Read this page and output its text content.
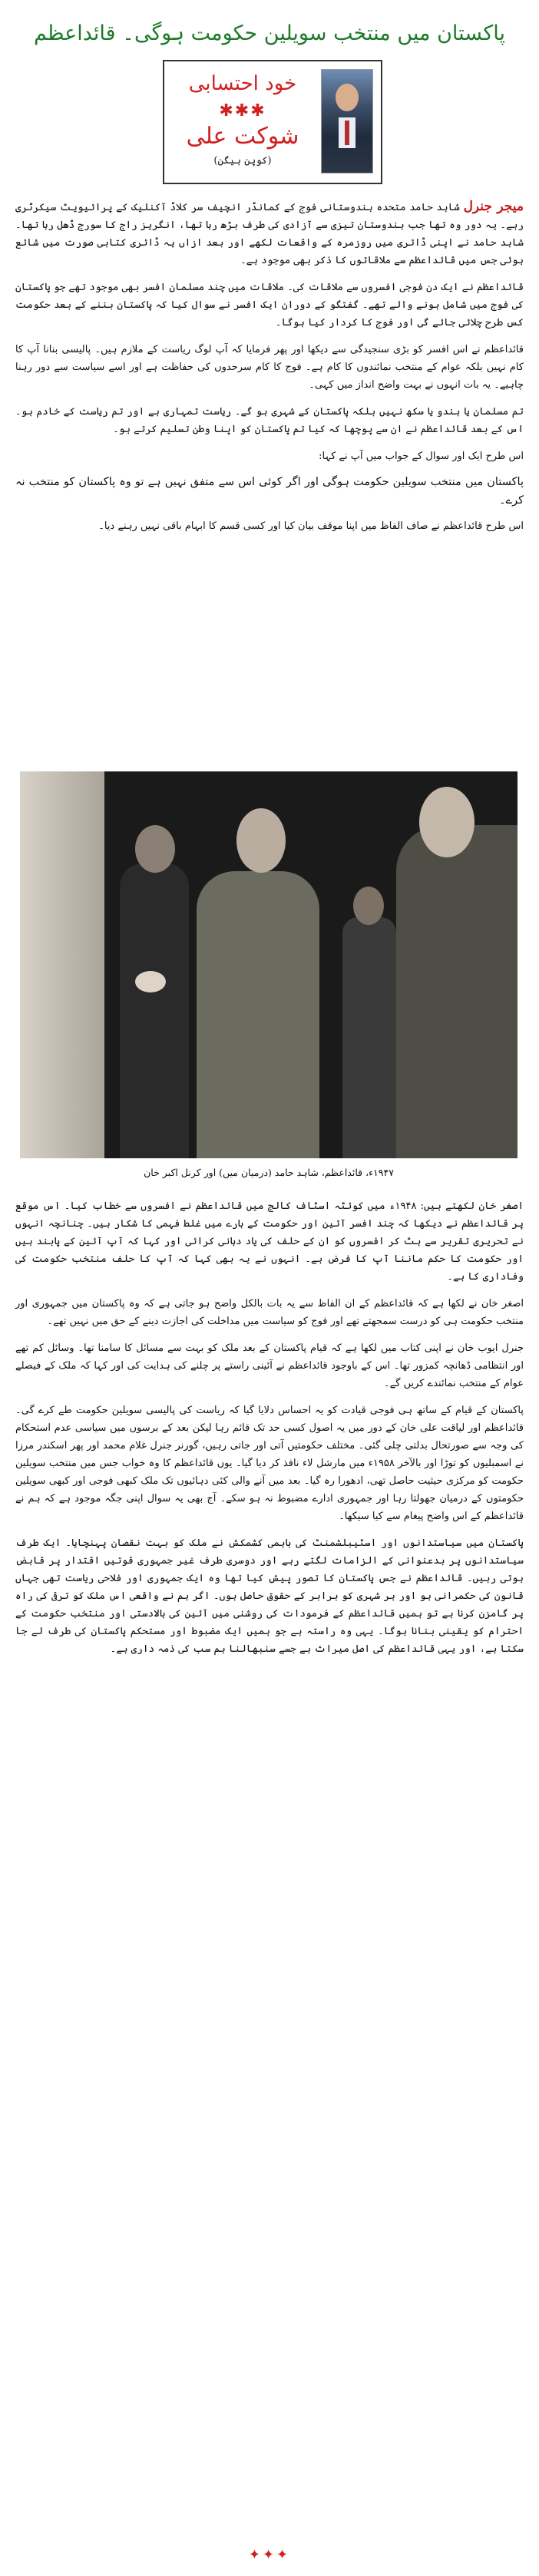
پاکستان میں منتخب سویلین حکومت ہوگی۔ قائداعظم
خود احتسابی
✱✱✱
شوکت علی
(کوپن ہیگن)

میجر جنرل شاہد حامد متحدہ ہندوستانی فوج کے کمانڈر انچیف سر کلاڈ آکنلیک کے پرائیویٹ سیکرٹری رہے۔ یہ دور وہ تھا جب ہندوستان تیزی سے آزادی کی طرف بڑھ رہا تھا، انگریز راج کا سورج ڈھل رہا تھا۔ شاہد حامد نے اپنی ڈائری میں روزمرہ کے واقعات لکھے اور بعد ازاں یہ ڈائری کتابی صورت میں شائع ہوئی جس میں قائداعظم سے ملاقاتوں کا ذکر بھی موجود ہے۔

قائداعظم نے ایک دن فوجی افسروں سے ملاقات کی۔ ملاقات میں چند مسلمان افسر بھی موجود تھے جو پاکستان کی فوج میں شامل ہونے والے تھے۔ گفتگو کے دوران ایک افسر نے سوال کیا کہ پاکستان بننے کے بعد حکومت کس طرح چلائی جائے گی اور فوج کا کردار کیا ہوگا۔

قائداعظم نے اس افسر کو بڑی سنجیدگی سے دیکھا اور پھر فرمایا کہ آپ لوگ ریاست کے ملازم ہیں۔ پالیسی بنانا آپ کا کام نہیں بلکہ عوام کے منتخب نمائندوں کا کام ہے۔ فوج کا کام سرحدوں کی حفاظت ہے اور اسے سیاست سے دور رہنا چاہیے۔ یہ بات انہوں نے بہت واضح انداز میں کہی۔

تم مسلمان یا ہندو یا سکھ نہیں بلکہ پاکستان کے شہری ہو گے۔ ریاست تمہاری ہے اور تم ریاست کے خادم ہو۔ اس کے بعد قائداعظم نے ان سے پوچھا کہ کیا تم پاکستان کو اپنا وطن تسلیم کرتے ہو۔

اس طرح ایک اور سوال کے جواب میں آپ نے کہا:

پاکستان میں منتخب سویلین حکومت ہوگی اور اگر کوئی اس سے متفق نہیں ہے تو وہ پاکستان کو منتخب نہ کرے۔

اس طرح قائداعظم نے صاف الفاظ میں اپنا موقف بیان کیا اور کسی قسم کا ابہام باقی نہیں رہنے دیا۔

۱۹۴۷ء، قائداعظم، شاہد حامد (درمیان میں) اور کرنل اکبر خان

اصغر خان لکھتے ہیں: ۱۹۴۸ء میں کوئٹہ اسٹاف کالج میں قائداعظم نے افسروں سے خطاب کیا۔ اس موقع پر قائداعظم نے دیکھا کہ چند افسر آئین اور حکومت کے بارے میں غلط فہمی کا شکار ہیں۔ چنانچہ انہوں نے تحریری تقریر سے ہٹ کر افسروں کو ان کے حلف کی یاد دہانی کرائی اور کہا کہ آپ آئین کے پابند ہیں اور حکومت کا حکم ماننا آپ کا فرض ہے۔ انہوں نے یہ بھی کہا کہ آپ کا حلف منتخب حکومت کی وفاداری کا ہے۔

اصغر خان نے لکھا ہے کہ قائداعظم کے ان الفاظ سے یہ بات بالکل واضح ہو جاتی ہے کہ وہ پاکستان میں جمہوری اور منتخب حکومت ہی کو درست سمجھتے تھے اور فوج کو سیاست میں مداخلت کی اجازت دینے کے حق میں نہیں تھے۔

جنرل ایوب خان نے اپنی کتاب میں لکھا ہے کہ قیام پاکستان کے بعد ملک کو بہت سے مسائل کا سامنا تھا۔ وسائل کم تھے اور انتظامی ڈھانچہ کمزور تھا۔ اس کے باوجود قائداعظم نے آئینی راستے پر چلنے کی ہدایت کی اور کہا کہ ملک کے فیصلے عوام کے منتخب نمائندے کریں گے۔

پاکستان کے قیام کے ساتھ ہی فوجی قیادت کو یہ احساس دلایا گیا کہ ریاست کی پالیسی سویلین حکومت طے کرے گی۔ قائداعظم اور لیاقت علی خان کے دور میں یہ اصول کسی حد تک قائم رہا لیکن بعد کے برسوں میں سیاسی عدم استحکام کی وجہ سے صورتحال بدلتی چلی گئی۔ مختلف حکومتیں آتی اور جاتی رہیں، گورنر جنرل غلام محمد اور پھر اسکندر مرزا نے اسمبلیوں کو توڑا اور بالآخر ۱۹۵۸ء میں مارشل لاء نافذ کر دیا گیا۔ یوں قائداعظم کا وہ خواب جس میں منتخب سویلین حکومت کو مرکزی حیثیت حاصل تھی، ادھورا رہ گیا۔ بعد میں آنے والی کئی دہائیوں تک ملک کبھی فوجی اور کبھی سویلین حکومتوں کے درمیان جھولتا رہا اور جمہوری ادارے مضبوط نہ ہو سکے۔ آج بھی یہ سوال اپنی جگہ موجود ہے کہ ہم نے قائداعظم کے اس واضح پیغام سے کیا سیکھا۔

پاکستان میں سیاستدانوں اور اسٹیبلشمنٹ کی باہمی کشمکش نے ملک کو بہت نقصان پہنچایا۔ ایک طرف سیاستدانوں پر بدعنوانی کے الزامات لگتے رہے اور دوسری طرف غیر جمہوری قوتیں اقتدار پر قابض ہوتی رہیں۔ قائداعظم نے جس پاکستان کا تصور پیش کیا تھا وہ ایک جمہوری اور فلاحی ریاست تھی جہاں قانون کی حکمرانی ہو اور ہر شہری کو برابر کے حقوق حاصل ہوں۔ اگر ہم نے واقعی اس ملک کو ترقی کی راہ پر گامزن کرنا ہے تو ہمیں قائداعظم کے فرمودات کی روشنی میں آئین کی بالادستی اور منتخب حکومت کے احترام کو یقینی بنانا ہوگا۔ یہی وہ راستہ ہے جو ہمیں ایک مضبوط اور مستحکم پاکستان کی طرف لے جا سکتا ہے، اور یہی قائداعظم کی اصل میراث ہے جسے سنبھالنا ہم سب کی ذمہ داری ہے۔

✦✦✦
